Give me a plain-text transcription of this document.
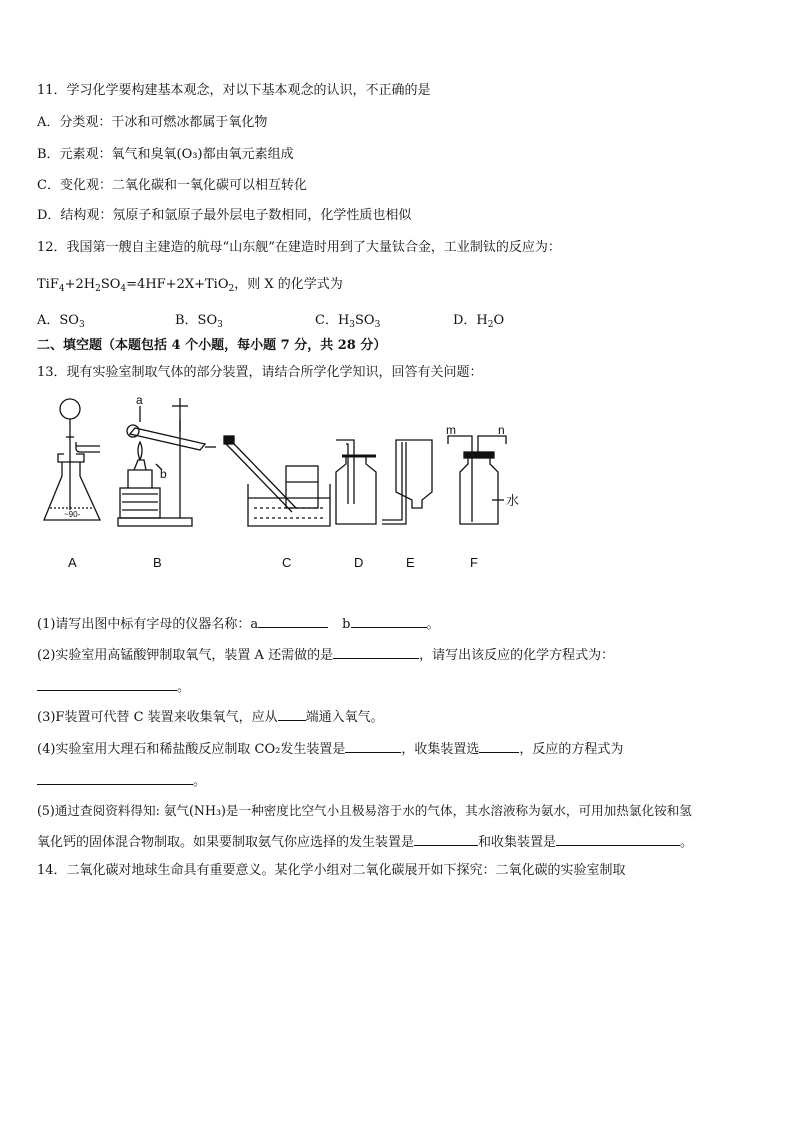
11．学习化学要构建基本观念，对以下基本观念的认识，不正确的是
A．分类观：干冰和可燃冰都属于氧化物
B．元素观：氧气和臭氧(O₃)都由氧元素组成
C．变化观：二氧化碳和一氧化碳可以相互转化
D．结构观：氖原子和氩原子最外层电子数相同，化学性质也相似
12．我国第一艘自主建造的航母“山东舰”在建造时用到了大量钛合金，工业制钛的反应为：
$TiF_4+2H_2SO_4=4HF+2X+TiO_2$，则 X 的化学式为
A．$SO_3$	B．$SO_3$	C．$H_3SO_3$	D．$H_2O$
二、填空题（本题包括 4 个小题，每小题 7 分，共 28 分）
13．现有实验室制取气体的部分装置，请结合所学化学知识，回答有关问题：
~90-
a
b
m	n
水
A	B	C	D	E	F
(1)请写出图中标有字母的仪器名称：a	b	。
(2)实验室用高锰酸钾制取氧气，装置 A 还需做的是	，请写出该反应的化学方程式为：
。
(3)F装置可代替 C 装置来收集氧气，应从 端通入氧气。
(4)实验室用大理石和稀盐酸反应制取 CO₂发生装置是	，收集装置选	，反应的方程式为
。
(5)通过查阅资料得知: 氨气(NH₃)是一种密度比空气小且极易溶于水的气体，其水溶液称为氨水，可用加热氯化铵和氢
氧化钙的固体混合物制取。如果要制取氨气你应选择的发生装置是	和收集装置是	。
14．二氧化碳对地球生命具有重要意义。某化学小组对二氧化碳展开如下探究：二氧化碳的实验室制取
